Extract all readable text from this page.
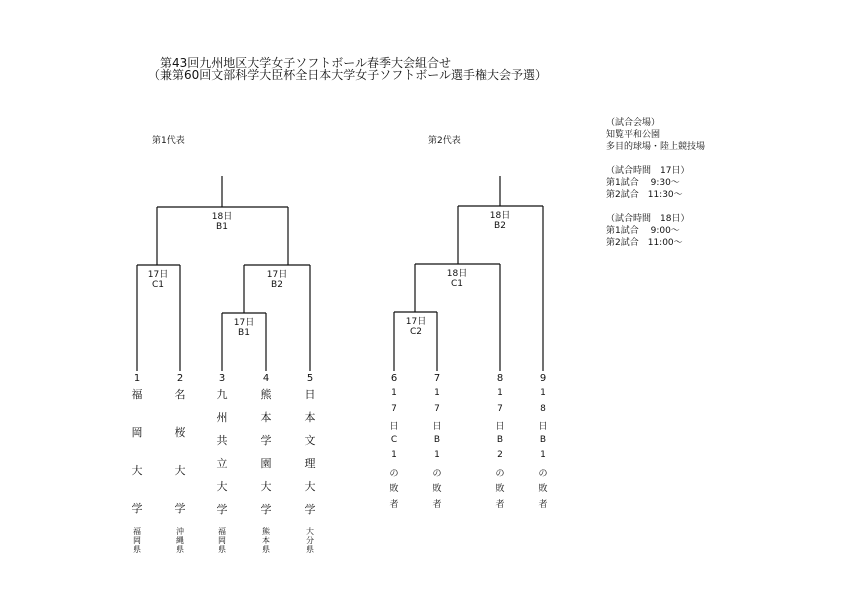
第43回九州地区大学女子ソフトボール春季大会組合せ
（兼第60回文部科学大臣杯全日本大学女子ソフトボール選手権大会予選）
第1代表	第2代表
18日
B1
17日
C1
17日
B2
17日
B1
18日
B2
18日
C1
17日
C2
1
福
岡
大
学
福
岡
県
2
名
桜
大
学
沖
縄
県
3
九
州
共
立
大
学
福
岡
県
4
熊
本
学
園
大
学
熊
本
県
5
日
本
文
理
大
学
大
分
県
6
1
7
日
C
1
の
敗
者
7
1
7
日
B
1
の
敗
者
8
1
7
日
B
2
の
敗
者
9
1
8
日
B
1
の
敗
者
（試合会場）
知覧平和公園
多目的球場・陸上競技場
（試合時間　17日）
第1試合　 9:30〜
第2試合　11:30〜
（試合時間　18日）
第1試合　 9:00〜
第2試合　11:00〜
